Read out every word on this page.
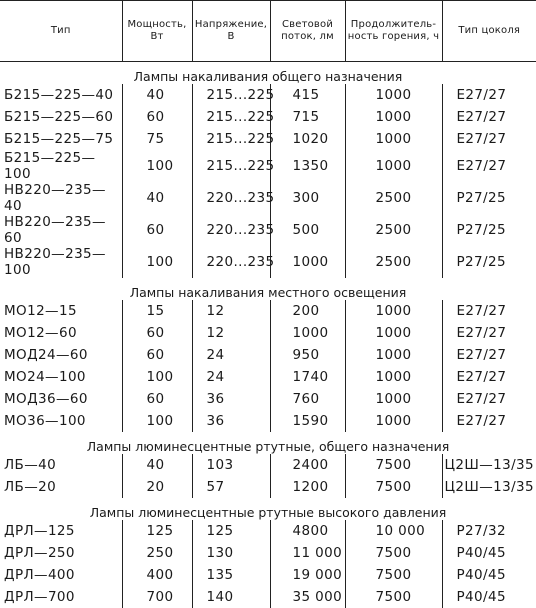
Тип	Мощность, Вт	Напряжение, В	Световой поток, лм	Продолжитель-ность горения, ч	Тип цоколя
Лампы накаливания общего назначения					
Б215—225—40	40	215...225	415	1000	E27/27
Б215—225—60	60	215...225	715	1000	E27/27
Б215—225—75	75	215...225	1020	1000	E27/27
Б215—225—100	100	215...225	1350	1000	E27/27
НВ220—235—40	40	220...235	300	2500	P27/25
НВ220—235—60	60	220...235	500	2500	P27/25
НВ220—235—100	100	220...235	1000	2500	P27/25
Лампы накаливания местного освещения					
МО12—15	15	12	200	1000	E27/27
МО12—60	60	12	1000	1000	E27/27
МОД24—60	60	24	950	1000	E27/27
МО24—100	100	24	1740	1000	E27/27
МОД36—60	60	36	760	1000	E27/27
МО36—100	100	36	1590	1000	E27/27
Лампы люминесцентные ртутные, общего назначения					
ЛБ—40	40	103	2400	7500	Ц2Ш—13/35
ЛБ—20	20	57	1200	7500	Ц2Ш—13/35
Лампы люминесцентные ртутные высокого давления					
ДРЛ—125	125	125	4800	10 000	P27/32
ДРЛ—250	250	130	11 000	7500	P40/45
ДРЛ—400	400	135	19 000	7500	P40/45
ДРЛ—700	700	140	35 000	7500	P40/45
